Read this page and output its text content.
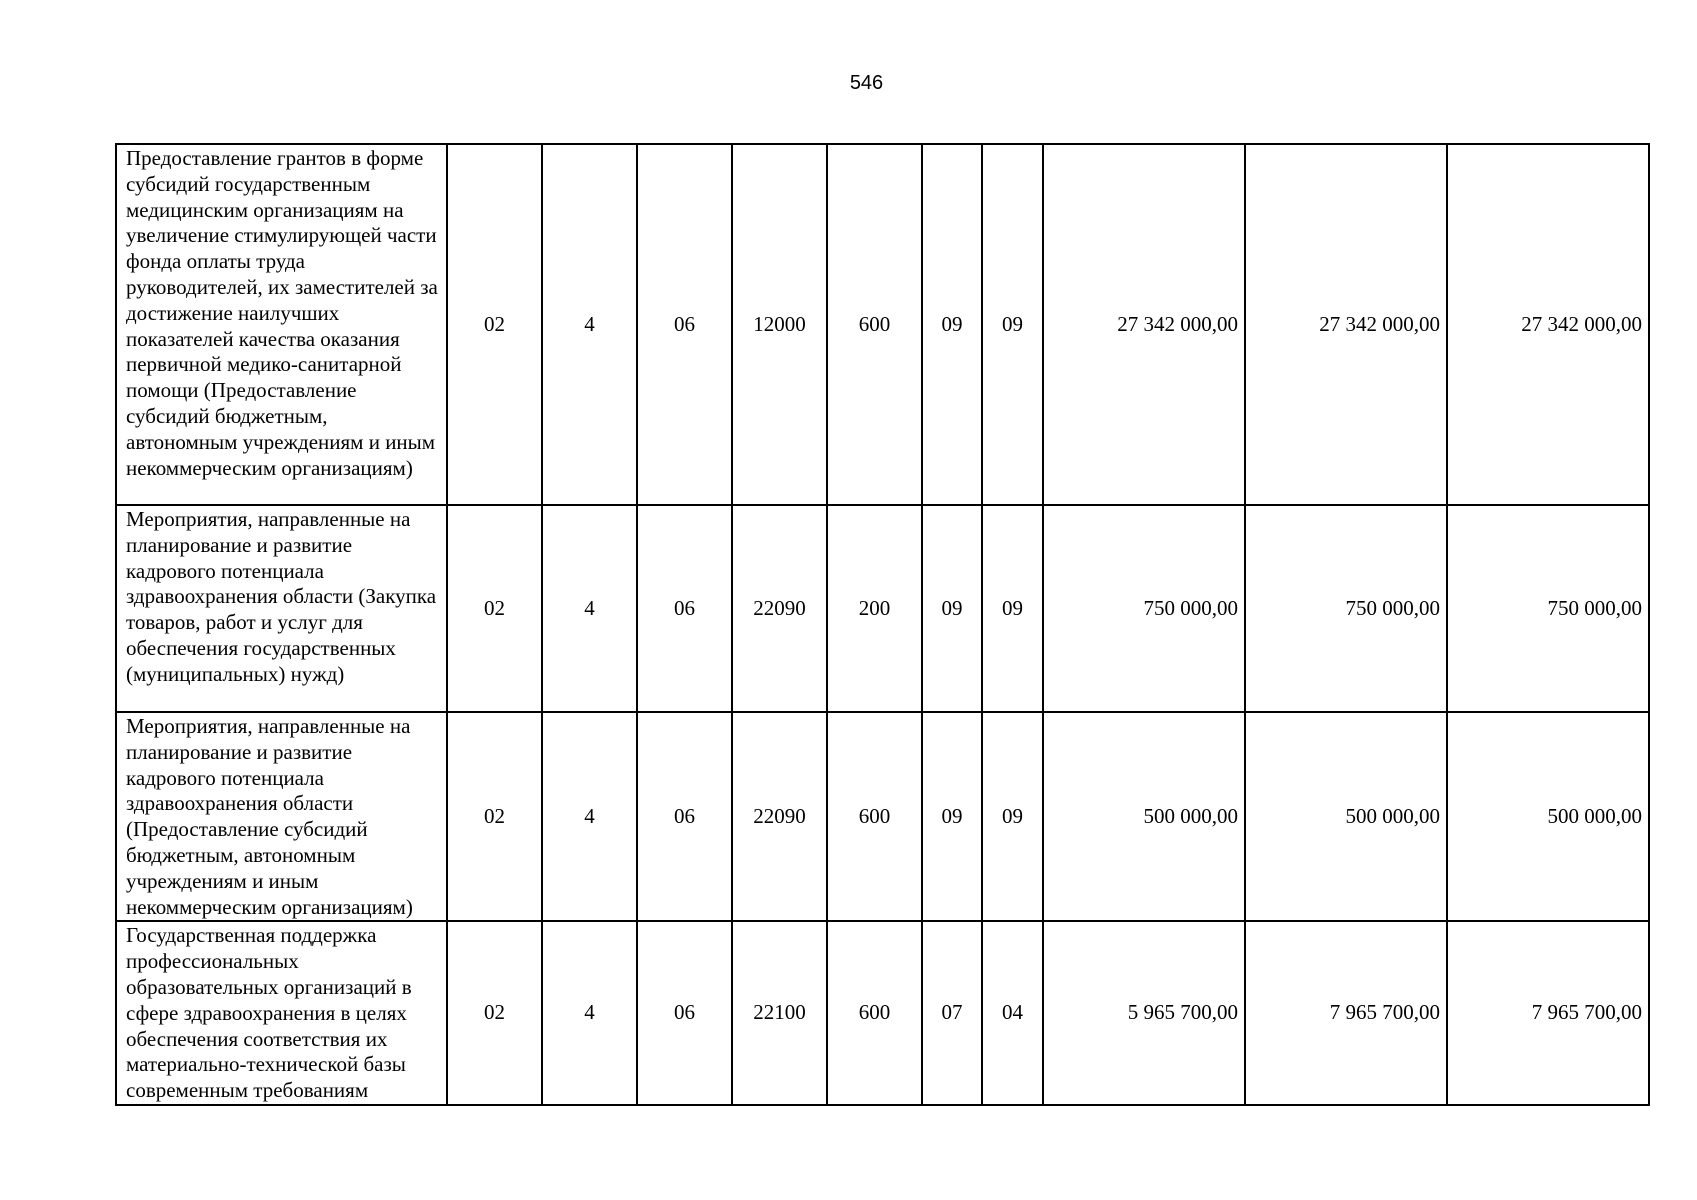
546
Предоставление грантов в форме субсидий государственным медицинским организациям на увеличение стимулирующей части фонда оплаты труда руководителей, их заместителей за достижение наилучших показателей качества оказания первичной медико-санитарной помощи (Предоставление субсидий бюджетным, автономным учреждениям и иным некоммерческим организациям)	02	4	06	12000	600	09	09	27 342 000,00	27 342 000,00	27 342 000,00
Мероприятия, направленные на планирование и развитие кадрового потенциала здравоохранения области (Закупка товаров, работ и услуг для обеспечения государственных (муниципальных) нужд)	02	4	06	22090	200	09	09	750 000,00	750 000,00	750 000,00
Мероприятия, направленные на планирование и развитие кадрового потенциала здравоохранения области (Предоставление субсидий бюджетным, автономным учреждениям и иным некоммерческим организациям)	02	4	06	22090	600	09	09	500 000,00	500 000,00	500 000,00
Государственная поддержка профессиональных образовательных организаций в сфере здравоохранения в целях обеспечения соответствия их материально-технической базы современным требованиям	02	4	06	22100	600	07	04	5 965 700,00	7 965 700,00	7 965 700,00
